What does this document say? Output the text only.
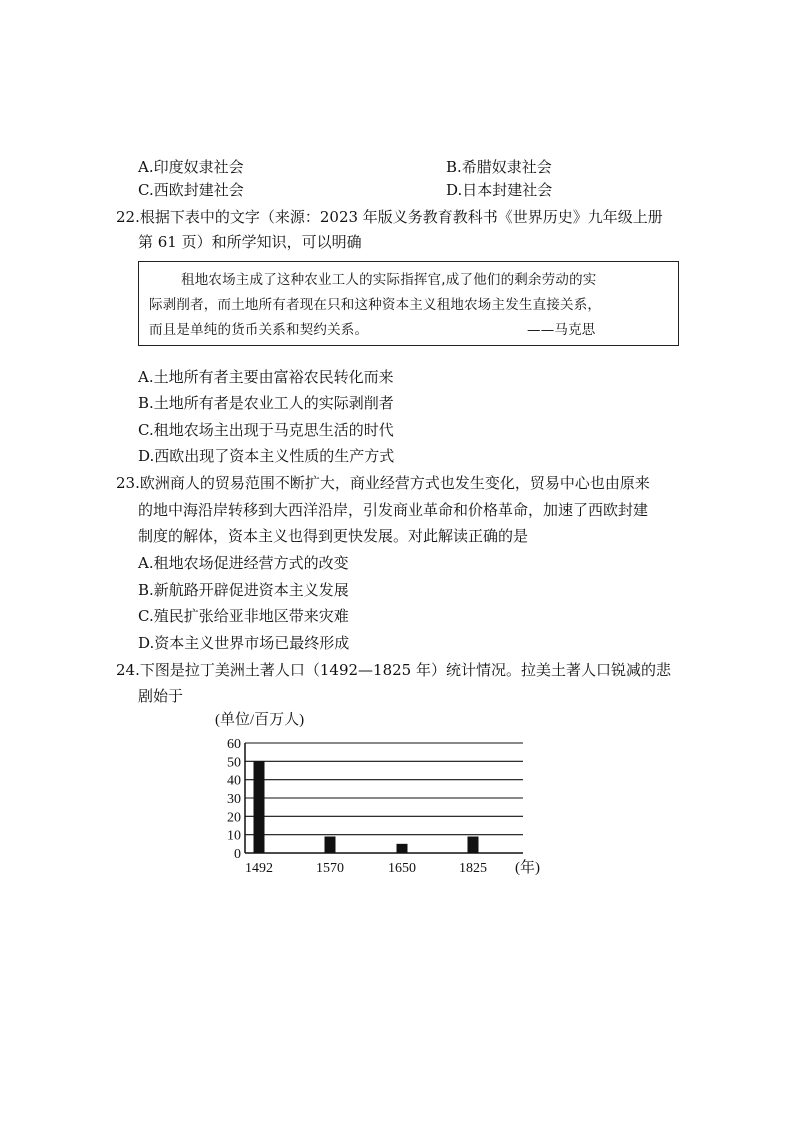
A.印度奴隶社会	B.希腊奴隶社会
C.西欧封建社会	D.日本封建社会
22.根据下表中的文字（来源：2023 年版义务教育教科书《世界历史》九年级上册
第 61 页）和所学知识，可以明确
租地农场主成了这种农业工人的实际指挥官,成了他们的剩余劳动的实
际剥削者，而土地所有者现在只和这种资本主义租地农场主发生直接关系，
而且是单纯的货币关系和契约关系。	——马克思
A.土地所有者主要由富裕农民转化而来
B.土地所有者是农业工人的实际剥削者
C.租地农场主出现于马克思生活的时代
D.西欧出现了资本主义性质的生产方式
23.欧洲商人的贸易范围不断扩大，商业经营方式也发生变化，贸易中心也由原来
的地中海沿岸转移到大西洋沿岸，引发商业革命和价格革命，加速了西欧封建
制度的解体，资本主义也得到更快发展。对此解读正确的是
A.租地农场促进经营方式的改变
B.新航路开辟促进资本主义发展
C.殖民扩张给亚非地区带来灾难
D.资本主义世界市场已最终形成
24.下图是拉丁美洲土著人口（1492—1825 年）统计情况。拉美土著人口锐减的悲
剧始于
(单位/百万人)
0
10
20
30
40
50
60
1492	1570	1650	1825 (年)
